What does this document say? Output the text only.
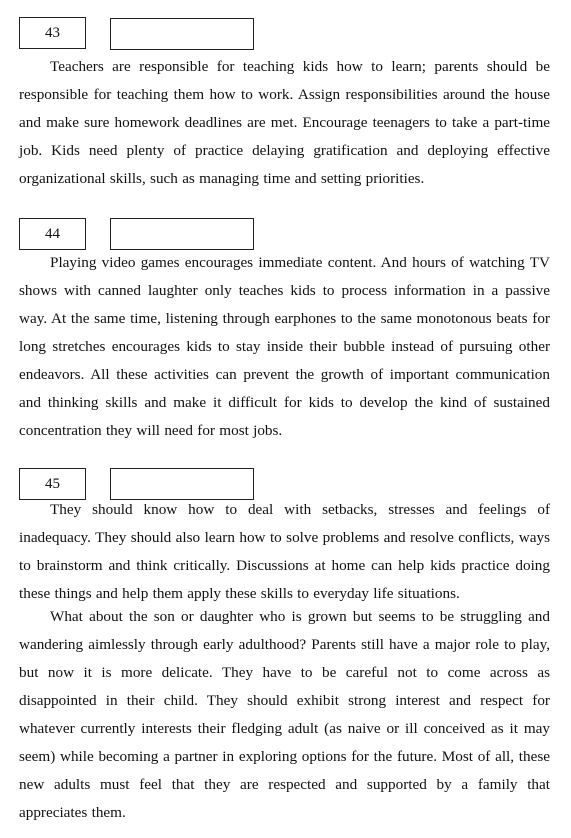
43

Teachers are responsible for teaching kids how to learn; parents should be responsible for teaching them how to work. Assign responsibilities around the house and make sure homework deadlines are met. Encourage teenagers to take a part-time job. Kids need plenty of practice delaying gratification and deploying effective organizational skills, such as managing time and setting priorities.

44

Playing video games encourages immediate content. And hours of watching TV shows with canned laughter only teaches kids to process information in a passive way. At the same time, listening through earphones to the same monotonous beats for long stretches encourages kids to stay inside their bubble instead of pursuing other endeavors. All these activities can prevent the growth of important communication and thinking skills and make it difficult for kids to develop the kind of sustained concentration they will need for most jobs.

45

They should know how to deal with setbacks, stresses and feelings of inadequacy. They should also learn how to solve problems and resolve conflicts, ways to brainstorm and think critically. Discussions at home can help kids practice doing these things and help them apply these skills to everyday life situations.

What about the son or daughter who is grown but seems to be struggling and wandering aimlessly through early adulthood? Parents still have a major role to play, but now it is more delicate. They have to be careful not to come across as disappointed in their child. They should exhibit strong interest and respect for whatever currently interests their fledging adult (as naive or ill conceived as it may seem) while becoming a partner in exploring options for the future. Most of all, these new adults must feel that they are respected and supported by a family that appreciates them.
